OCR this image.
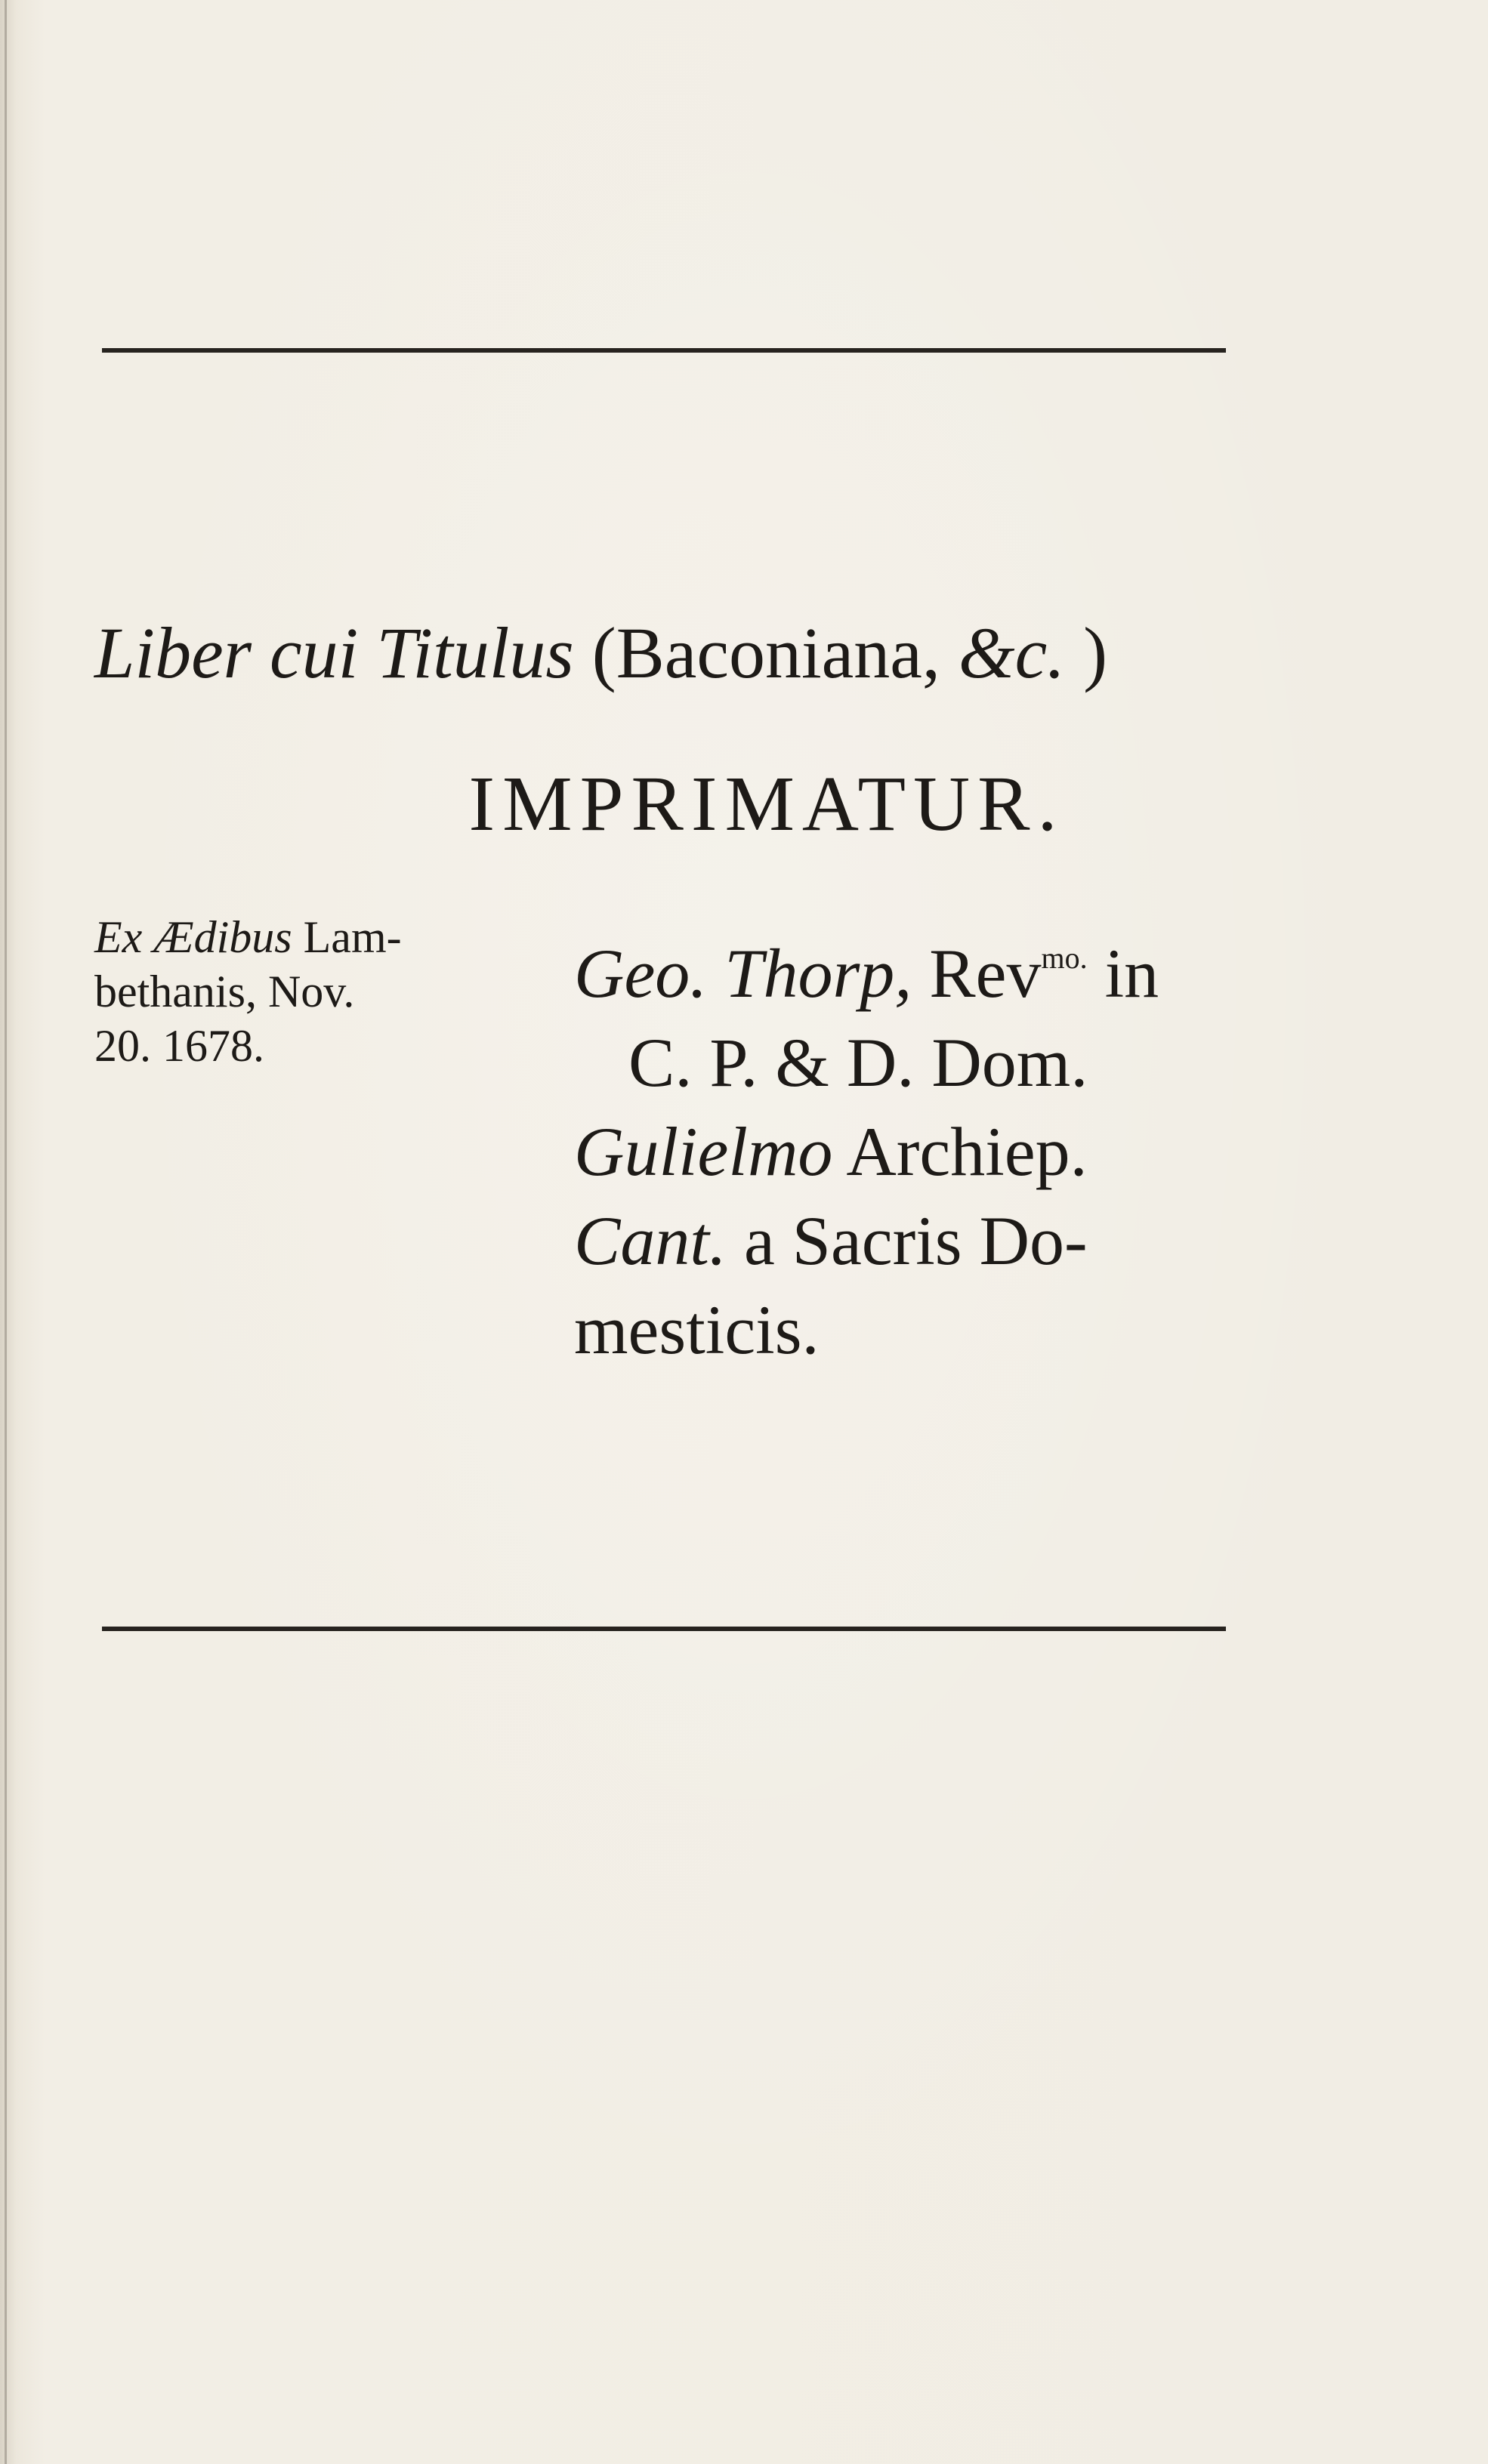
Liber cui Titulus (Baconiana, &c. )
IMPRIMATUR.
Ex Ædibus Lam-
bethanis, Nov.
20. 1678.
Geo. Thorp, Rev$^{mo.}$ in
C. P. & D. Dom.
Gulielmo Archiep.
Cant. a Sacris Do-
mesticis.
